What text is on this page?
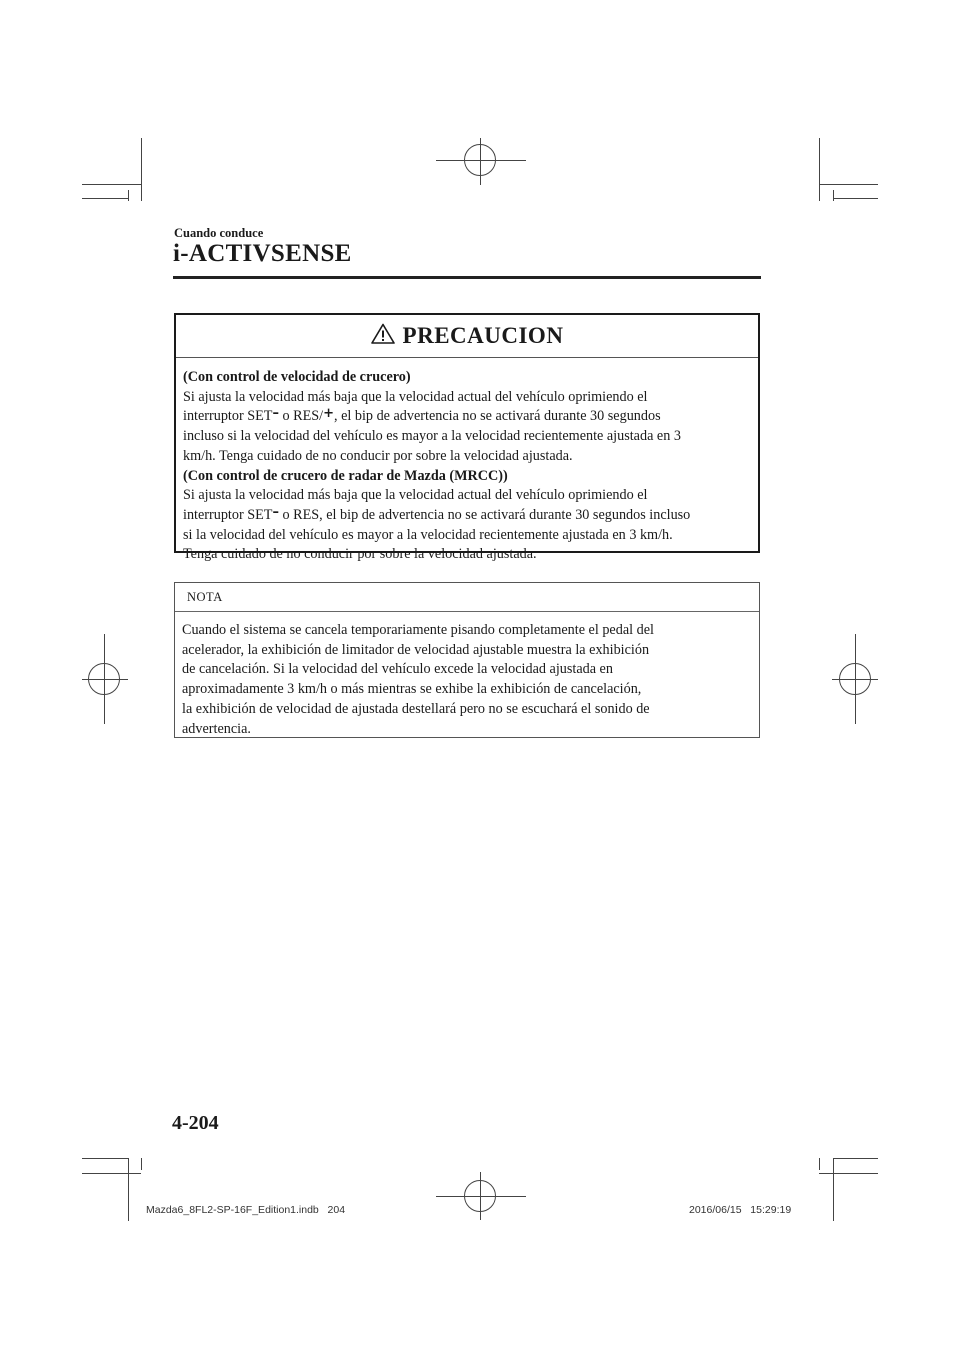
Cuando conduce
i-ACTIVSENSE
PRECAUCION

(Con control de velocidad de crucero)

Si ajusta la velocidad más baja que la velocidad actual del vehículo oprimiendo el

interruptor SET– o RES/+, el bip de advertencia no se activará durante 30 segundos

incluso si la velocidad del vehículo es mayor a la velocidad recientemente ajustada en 3

km/h. Tenga cuidado de no conducir por sobre la velocidad ajustada.

(Con control de crucero de radar de Mazda (MRCC))

Si ajusta la velocidad más baja que la velocidad actual del vehículo oprimiendo el

interruptor SET– o RES, el bip de advertencia no se activará durante 30 segundos incluso

si la velocidad del vehículo es mayor a la velocidad recientemente ajustada en 3 km/h.

Tenga cuidado de no conducir por sobre la velocidad ajustada.

NOTA

Cuando el sistema se cancela temporariamente pisando completamente el pedal del

acelerador, la exhibición de limitador de velocidad ajustable muestra la exhibición

de cancelación. Si la velocidad del vehículo excede la velocidad ajustada en

aproximadamente 3 km/h o más mientras se exhibe la exhibición de cancelación,

la exhibición de velocidad de ajustada destellará pero no se escuchará el sonido de

advertencia.

4-204
Mazda6_8FL2-SP-16F_Edition1.indb   204	2016/06/15   15:29:19
